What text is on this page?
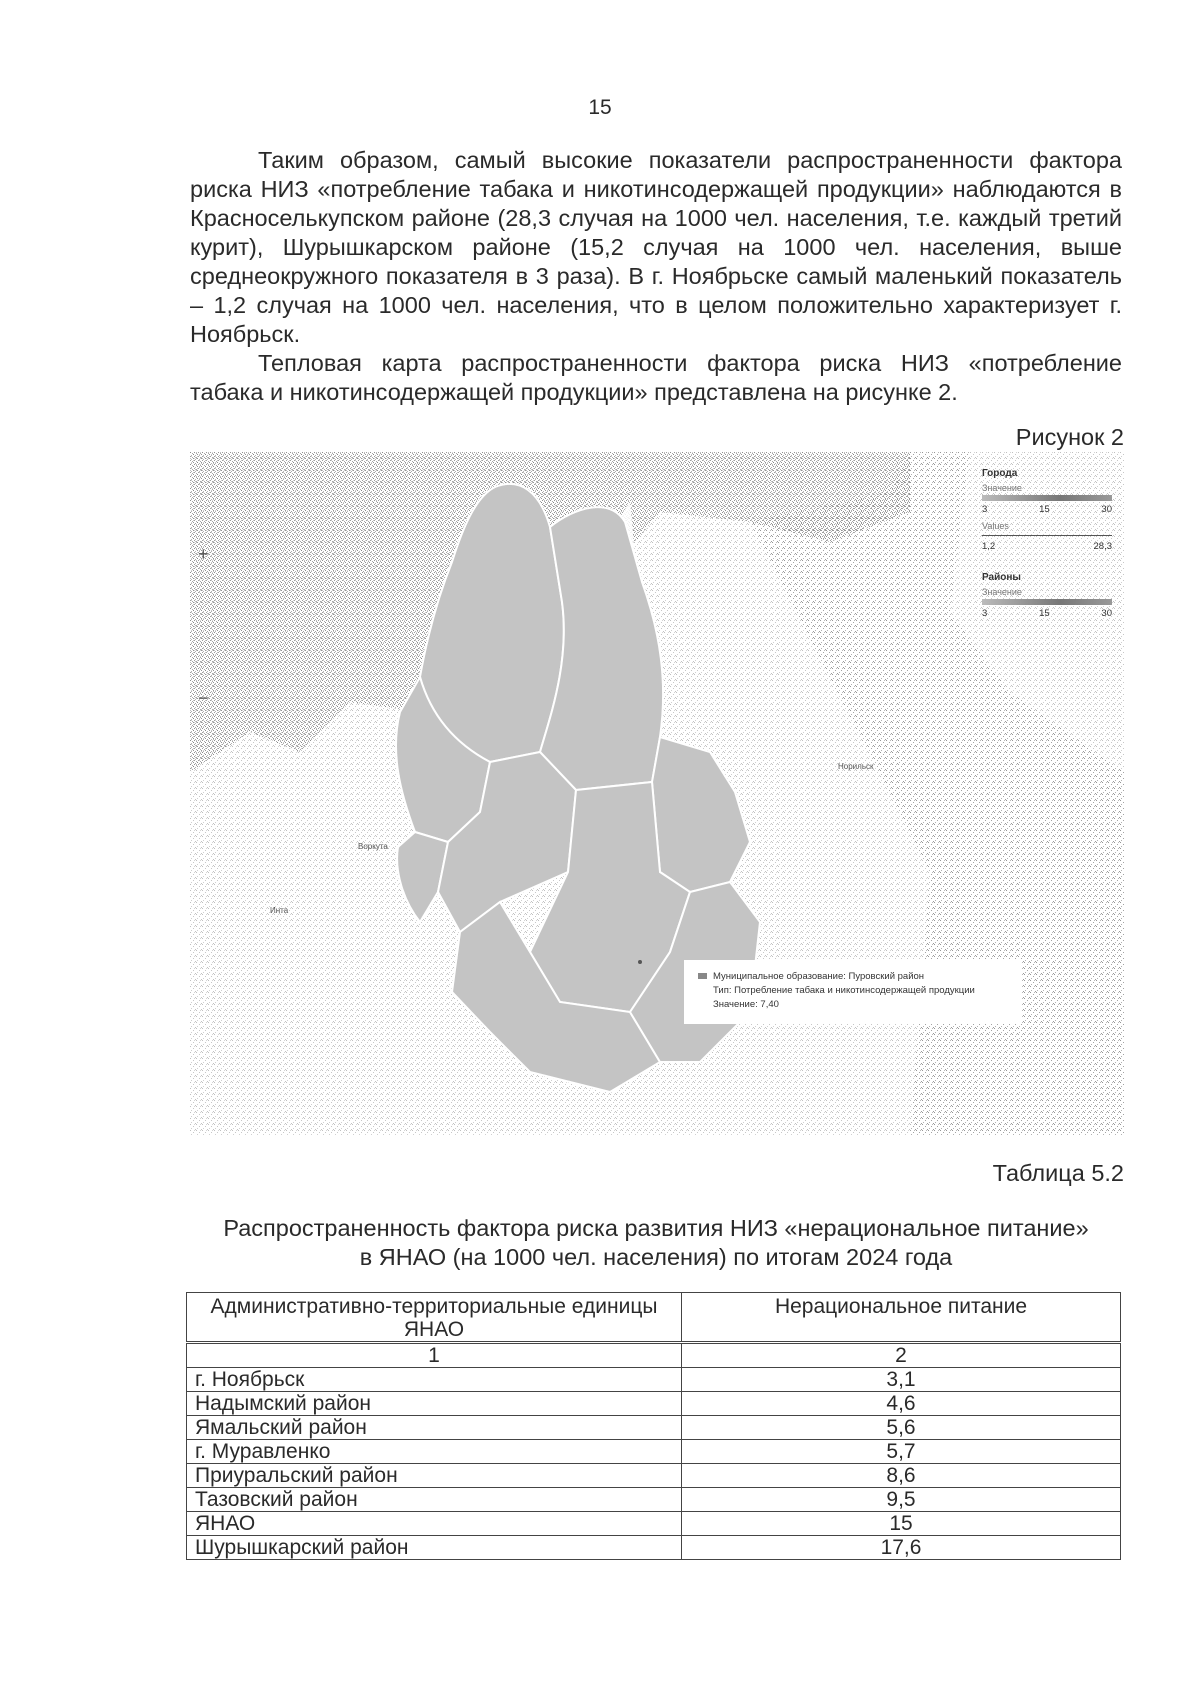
15

Таким образом, самый высокие показатели распространенности фактора риска НИЗ «потребление табака и никотинсодержащей продукции» наблюдаются в Красноселькупском районе (28,3 случая на 1000 чел. населения, т.е. каждый третий курит), Шурышкарском районе (15,2 случая на 1000 чел. населения, выше среднеокружного показателя в 3 раза). В г. Ноябрьске самый маленький показатель – 1,2 случая на 1000 чел. населения, что в целом положительно характеризует г. Ноябрьск.

Тепловая карта распространенности фактора риска НИЗ «потребление табака и никотинсодержащей продукции» представлена на рисунке 2.

Рисунок 2
Воркута
Инта
Норильск
+
−
Города
Значение
3	15	30
Values
1,2	28,3
Районы
Значение
3	15	30
Муниципальное образование: Пуровский район
Тип: Потребление табака и никотинсодержащей продукции
Значение: 7,40
Таблица 5.2
Распространенность фактора риска развития НИЗ «нерациональное питание»
в ЯНАО (на 1000 чел. населения) по итогам 2024 года
Административно-территориальные единицы ЯНАО	Нерациональное питание
1	2
г. Ноябрьск	3,1
Надымский район	4,6
Ямальский район	5,6
г. Муравленко	5,7
Приуральский район	8,6
Тазовский район	9,5
ЯНАО	15
Шурышкарский район	17,6
